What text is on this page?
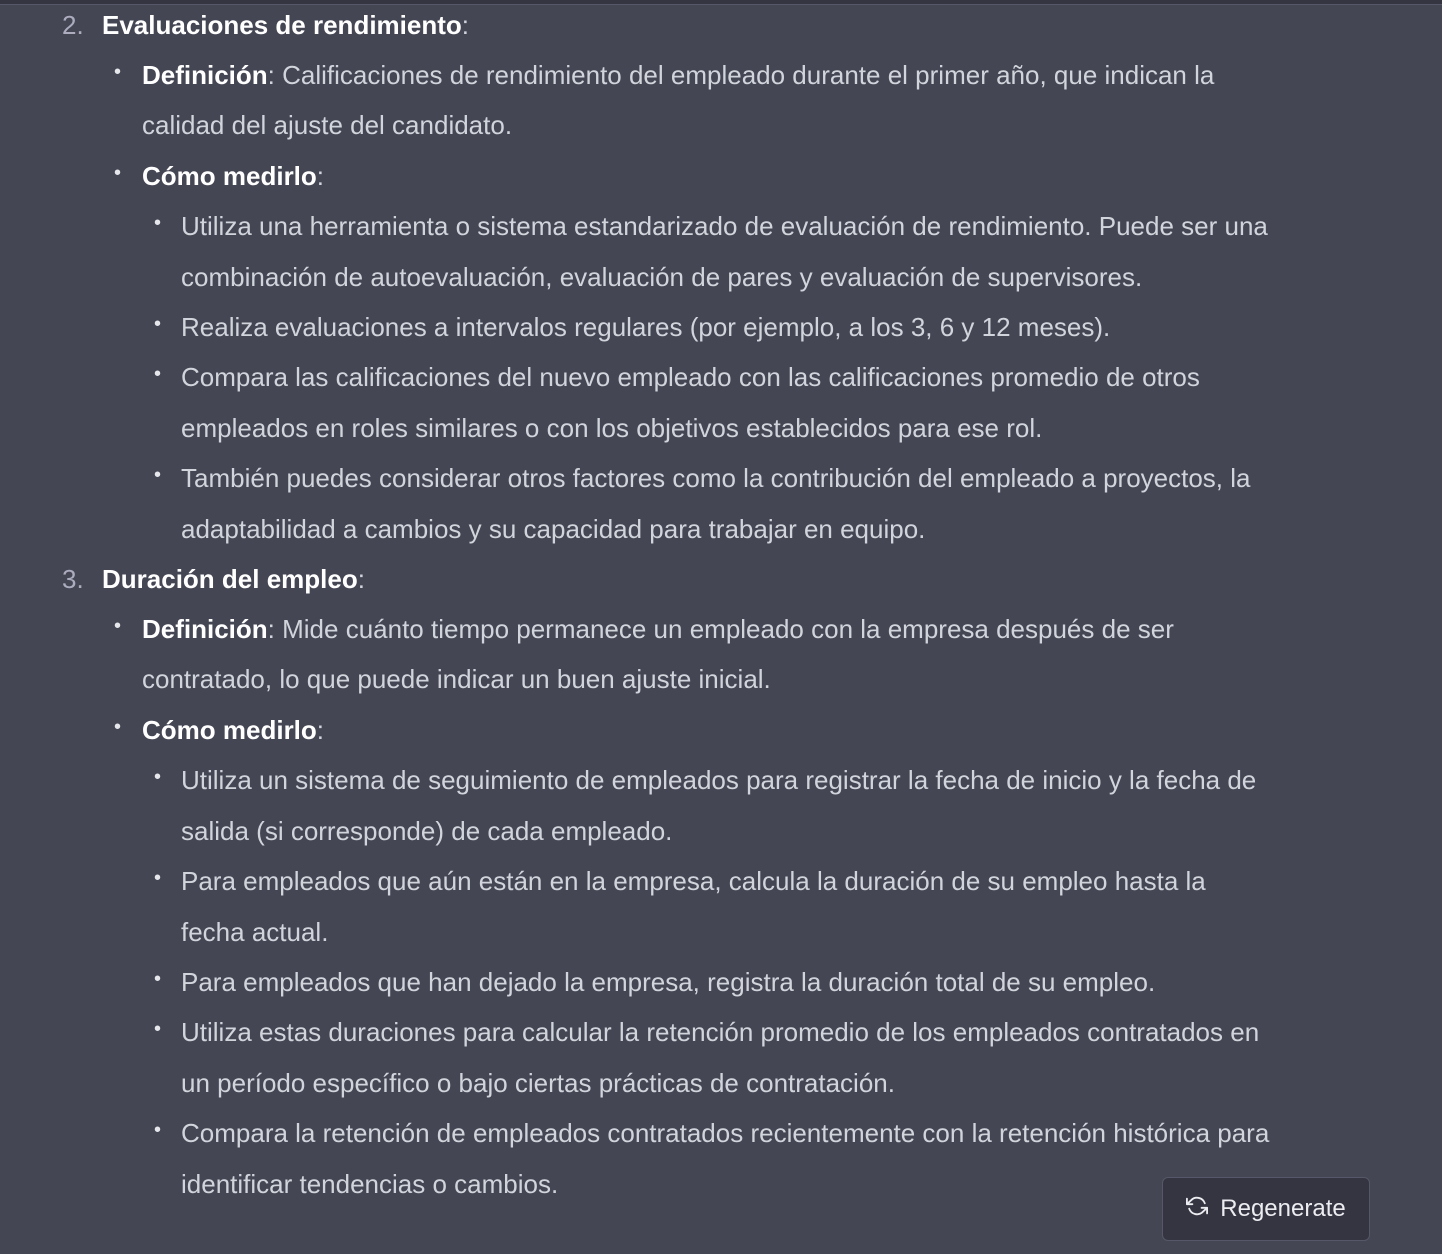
2. Evaluaciones de rendimiento:
• Definición: Calificaciones de rendimiento del empleado durante el primer año, que indican la calidad del ajuste del candidato.
• Cómo medirlo:
• Utiliza una herramienta o sistema estandarizado de evaluación de rendimiento. Puede ser una combinación de autoevaluación, evaluación de pares y evaluación de supervisores.
• Realiza evaluaciones a intervalos regulares (por ejemplo, a los 3, 6 y 12 meses).
• Compara las calificaciones del nuevo empleado con las calificaciones promedio de otros empleados en roles similares o con los objetivos establecidos para ese rol.
• También puedes considerar otros factores como la contribución del empleado a proyectos, la adaptabilidad a cambios y su capacidad para trabajar en equipo.
3. Duración del empleo:
• Definición: Mide cuánto tiempo permanece un empleado con la empresa después de ser contratado, lo que puede indicar un buen ajuste inicial.
• Cómo medirlo:
• Utiliza un sistema de seguimiento de empleados para registrar la fecha de inicio y la fecha de salida (si corresponde) de cada empleado.
• Para empleados que aún están en la empresa, calcula la duración de su empleo hasta la fecha actual.
• Para empleados que han dejado la empresa, registra la duración total de su empleo.
• Utiliza estas duraciones para calcular la retención promedio de los empleados contratados en un período específico o bajo ciertas prácticas de contratación.
• Compara la retención de empleados contratados recientemente con la retención histórica para identificar tendencias o cambios.
Regenerate
